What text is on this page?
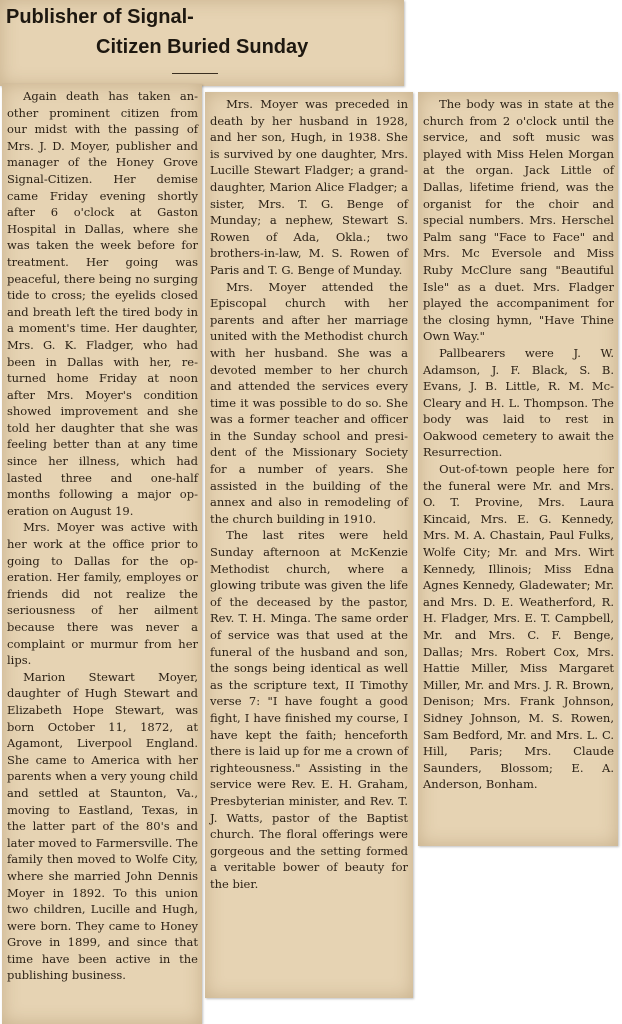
Publisher of Signal-
Citizen Buried Sunday

Again death has taken another prominent citizen from our midst with the passing of Mrs. J. D. Moyer, publisher and manager of the Honey Grove Signal-Citizen. Her demise came Friday evening shortly after 6 o'clock at Gaston Hospital in Dallas, where she was taken the week before for treatment. Her going was peaceful, there being no surging tide to cross; the eyelids closed and breath left the tired body in a moment's time. Her daughter, Mrs. G. K. Fladger, who had been in Dallas with her, returned home Friday at noon after Mrs. Moyer's condition showed improvement and she told her daughter that she was feeling better than at any time since her illness, which had lasted three and one-half months following a major operation on August 19.

Mrs. Moyer was active with her work at the office prior to going to Dallas for the operation. Her family, employes or friends did not realize the seriousness of her ailment because there was never a complaint or murmur from her lips.

Marion Stewart Moyer, daughter of Hugh Stewart and Elizabeth Hope Stewart, was born October 11, 1872, at Agamont, Liverpool England. She came to America with her parents when a very young child and settled at Staunton, Va., moving to Eastland, Texas, in the latter part of the 80's and later moved to Farmersville. The family then moved to Wolfe City, where she married John Dennis Moyer in 1892. To this union two children, Lucille and Hugh, were born. They came to Honey Grove in 1899, and since that time have been active in the publishing business.

Mrs. Moyer was preceded in death by her husband in 1928, and her son, Hugh, in 1938. She is survived by one daughter, Mrs. Lucille Stewart Fladger; a granddaughter, Marion Alice Fladger; a sister, Mrs. T. G. Benge of Munday; a nephew, Stewart S. Rowen of Ada, Okla.; two brothers-in-law, M. S. Rowen of Paris and T. G. Benge of Munday.

Mrs. Moyer attended the Episcopal church with her parents and after her marriage united with the Methodist church with her husband. She was a devoted member to her church and attended the services every time it was possible to do so. She was a former teacher and officer in the Sunday school and president of the Missionary Society for a number of years. She assisted in the building of the annex and also in remodeling of the church building in 1910.

The last rites were held Sunday afternoon at McKenzie Methodist church, where a glowing tribute was given the life of the deceased by the pastor, Rev. T. H. Minga. The same order of service was that used at the funeral of the husband and son, the songs being identical as well as the scripture text, II Timothy verse 7: "I have fought a good fight, I have finished my course, I have kept the faith; henceforth there is laid up for me a crown of righteousness." Assisting in the service were Rev. E. H. Graham, Presbyterian minister, and Rev. T. J. Watts, pastor of the Baptist church. The floral offerings were gorgeous and the setting formed a veritable bower of beauty for the bier.

The body was in state at the church from 2 o'clock until the service, and soft music was played with Miss Helen Morgan at the organ. Jack Little of Dallas, lifetime friend, was the organist for the choir and special numbers. Mrs. Herschel Palm sang "Face to Face" and Mrs. Mc Eversole and Miss Ruby McClure sang "Beautiful Isle" as a duet. Mrs. Fladger played the accompaniment for the closing hymn, "Have Thine Own Way."

Pallbearers were J. W. Adamson, J. F. Black, S. B. Evans, J. B. Little, R. M. McCleary and H. L. Thompson. The body was laid to rest in Oakwood cemetery to await the Resurrection.

Out-of-town people here for the funeral were Mr. and Mrs. O. T. Provine, Mrs. Laura Kincaid, Mrs. E. G. Kennedy, Mrs. M. A. Chastain, Paul Fulks, Wolfe City; Mr. and Mrs. Wirt Kennedy, Illinois; Miss Edna Agnes Kennedy, Gladewater; Mr. and Mrs. D. E. Weatherford, R. H. Fladger, Mrs. E. T. Campbell, Mr. and Mrs. C. F. Benge, Dallas; Mrs. Robert Cox, Mrs. Hattie Miller, Miss Margaret Miller, Mr. and Mrs. J. R. Brown, Denison; Mrs. Frank Johnson, Sidney Johnson, M. S. Rowen, Sam Bedford, Mr. and Mrs. L. C. Hill, Paris; Mrs. Claude Saunders, Blossom; E. A. Anderson, Bonham.
